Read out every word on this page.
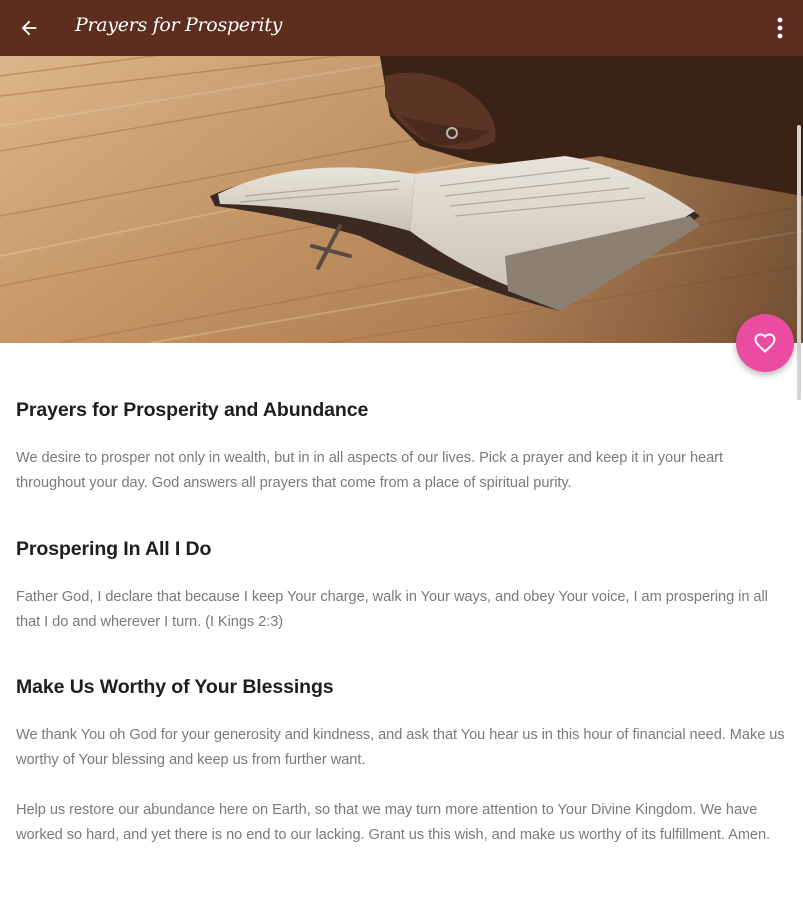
Prayers for Prosperity
Prayers for Prosperity and Abundance

We desire to prosper not only in wealth, but in in all aspects of our lives. Pick a prayer and keep it in your heart throughout your day. God answers all prayers that come from a place of spiritual purity.

Prospering In All I Do

Father God, I declare that because I keep Your charge, walk in Your ways, and obey Your voice, I am prospering in all that I do and wherever I turn. (I Kings 2:3)

Make Us Worthy of Your Blessings

We thank You oh God for your generosity and kindness, and ask that You hear us in this hour of financial need. Make us worthy of Your blessing and keep us from further want.

Help us restore our abundance here on Earth, so that we may turn more attention to Your Divine Kingdom. We have worked so hard, and yet there is no end to our lacking. Grant us this wish, and make us worthy of its fulfillment. Amen.
